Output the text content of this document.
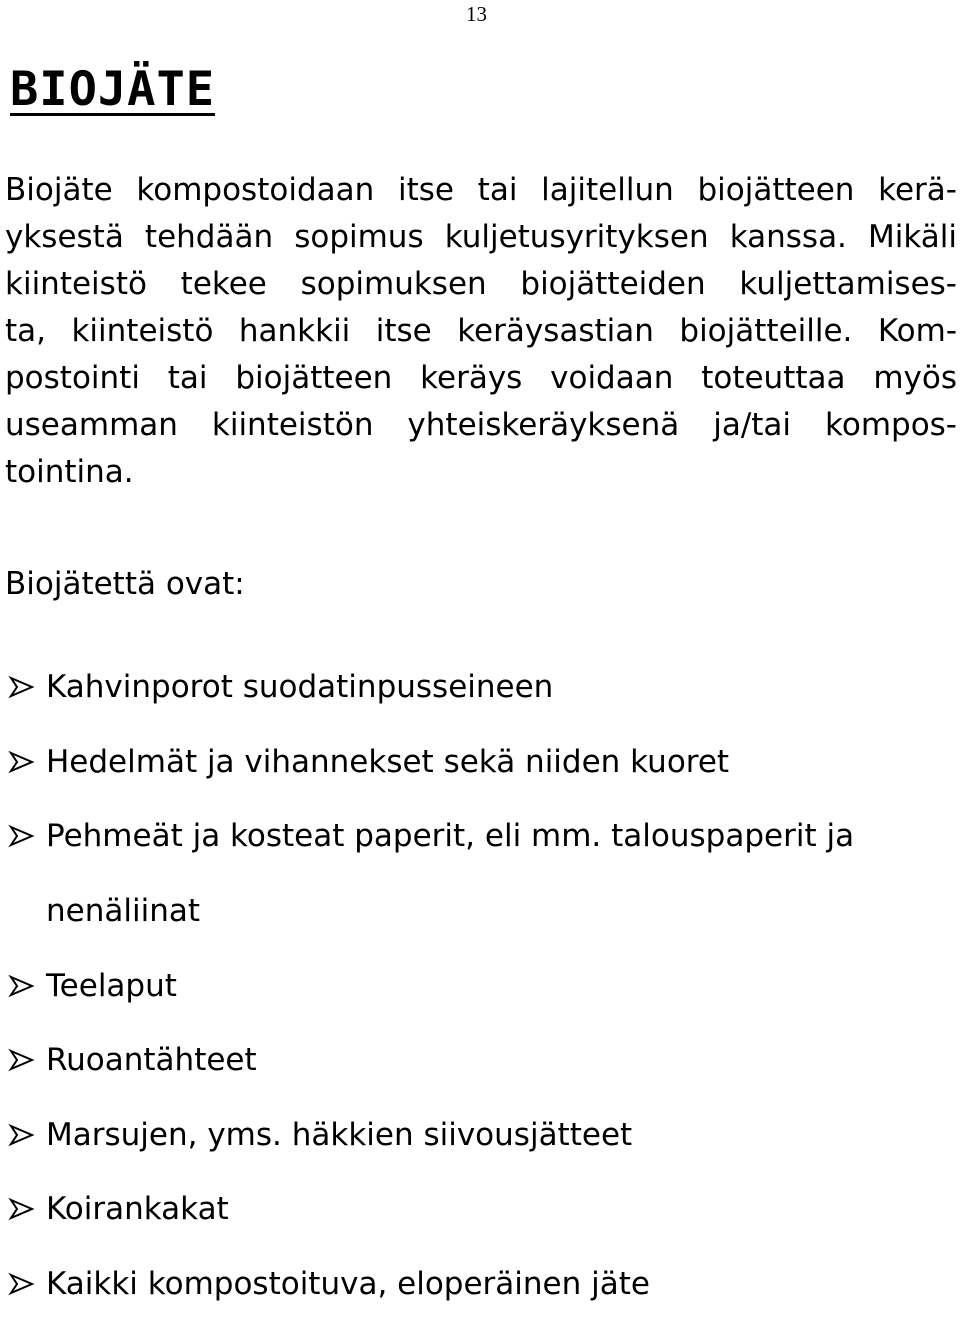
13
BIOJÄTE

Biojäte kompostoidaan itse tai lajitellun biojätteen kerä-
yksestä tehdään sopimus kuljetusyrityksen kanssa. Mikäli
kiinteistö tekee sopimuksen biojätteiden kuljettamises-
ta, kiinteistö hankkii itse keräysastian biojätteille. Kom-
postointi tai biojätteen keräys voidaan toteuttaa myös
useamman kiinteistön yhteiskeräyksenä ja/tai kompos-
tointina.

Biojätettä ovat:

Kahvinporot suodatinpusseineen
Hedelmät ja vihannekset sekä niiden kuoret
Pehmeät ja kosteat paperit, eli mm. talouspaperit ja
nenäliinat
Teelaput
Ruoantähteet
Marsujen, yms. häkkien siivousjätteet
Koirankakat
Kaikki kompostoituva, eloperäinen jäte
